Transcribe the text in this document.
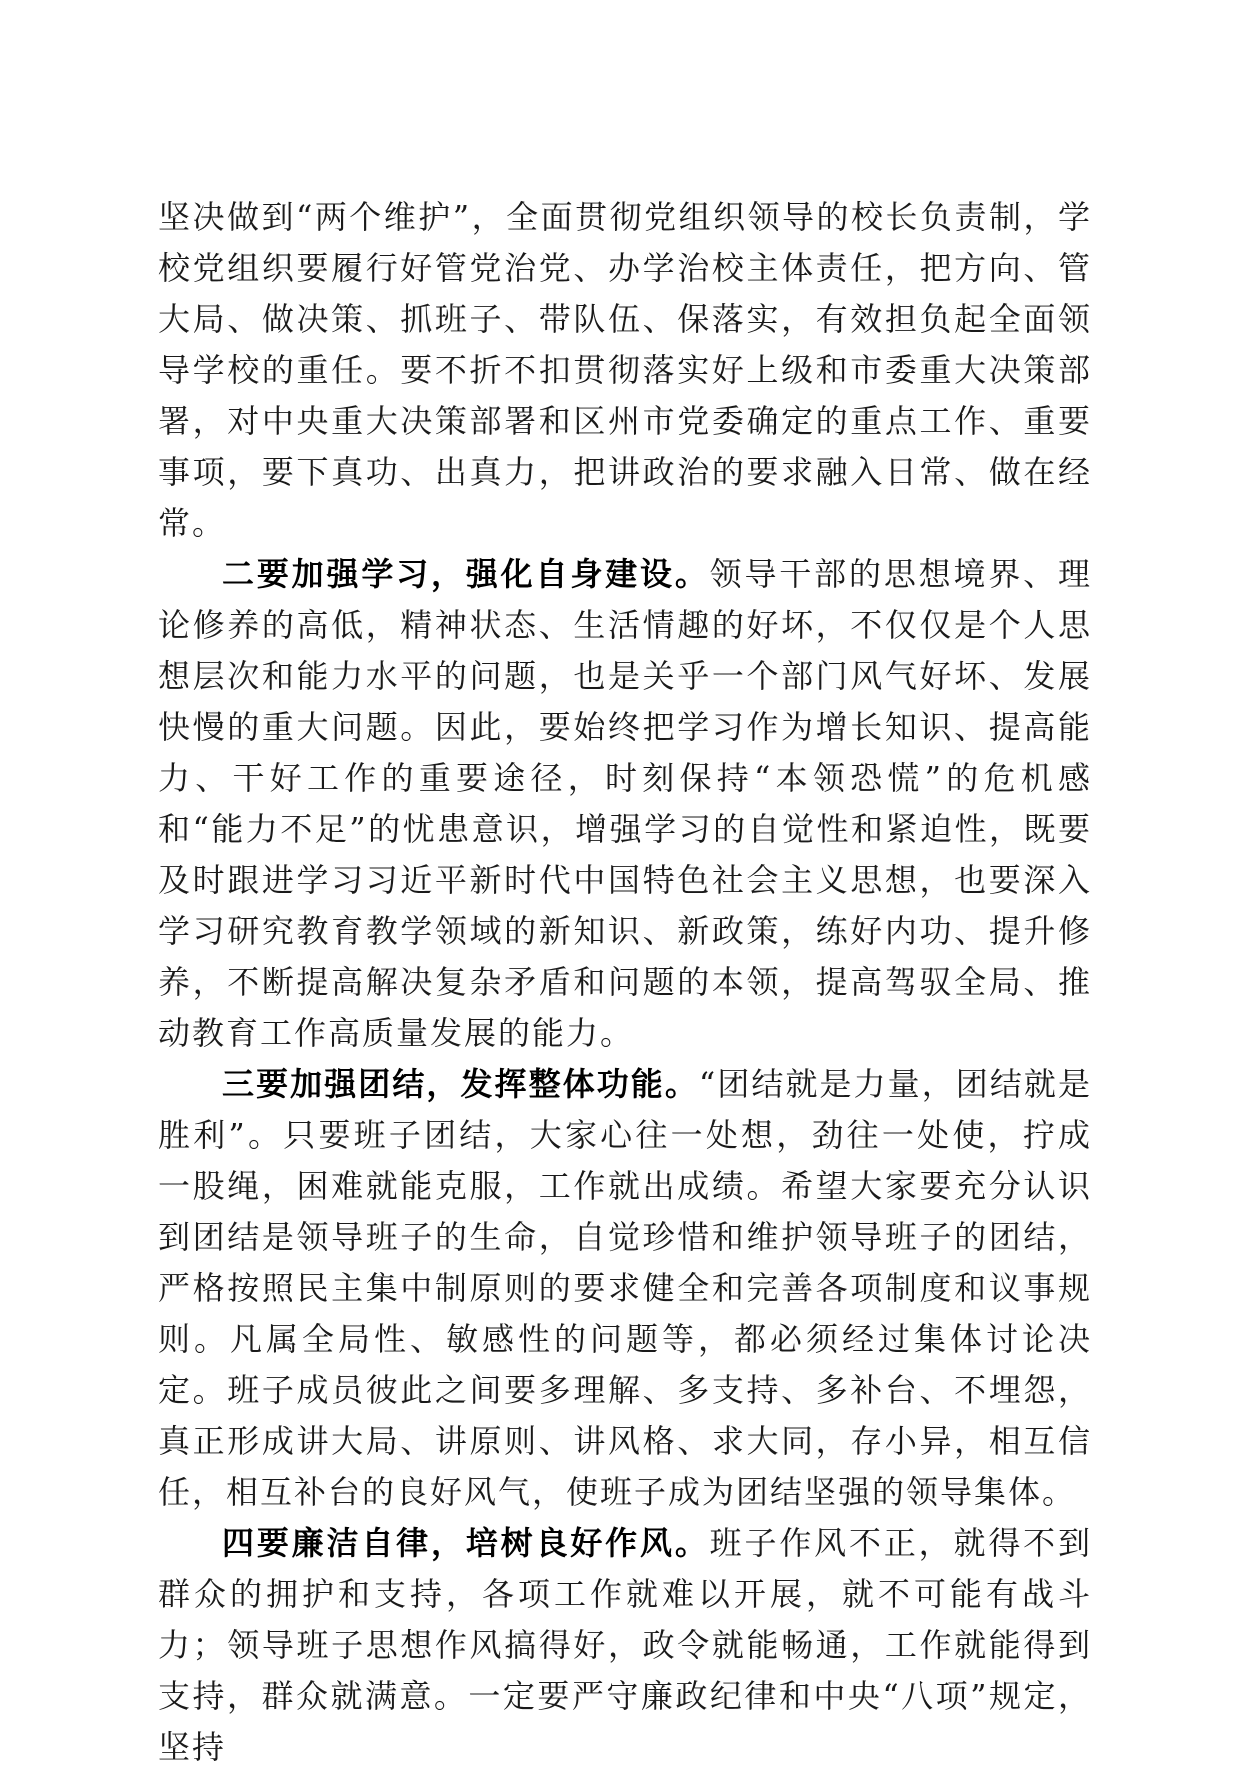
坚决做到“两个维护”，全面贯彻党组织领导的校长负责制，学校党组织要履行好管党治党、办学治校主体责任，把方向、管大局、做决策、抓班子、带队伍、保落实，有效担负起全面领导学校的重任。要不折不扣贯彻落实好上级和市委重大决策部署，对中央重大决策部署和区州市党委确定的重点工作、重要事项，要下真功、出真力，把讲政治的要求融入日常、做在经常。

二要加强学习，强化自身建设。领导干部的思想境界、理论修养的高低，精神状态、生活情趣的好坏，不仅仅是个人思想层次和能力水平的问题，也是关乎一个部门风气好坏、发展快慢的重大问题。因此，要始终把学习作为增长知识、提高能力、干好工作的重要途径，时刻保持“本领恐慌”的危机感和“能力不足”的忧患意识，增强学习的自觉性和紧迫性，既要及时跟进学习习近平新时代中国特色社会主义思想，也要深入学习研究教育教学领域的新知识、新政策，练好内功、提升修养，不断提高解决复杂矛盾和问题的本领，提高驾驭全局、推动教育工作高质量发展的能力。

三要加强团结，发挥整体功能。“团结就是力量，团结就是胜利”。只要班子团结，大家心往一处想，劲往一处使，拧成一股绳，困难就能克服，工作就出成绩。希望大家要充分认识到团结是领导班子的生命，自觉珍惜和维护领导班子的团结，严格按照民主集中制原则的要求健全和完善各项制度和议事规则。凡属全局性、敏感性的问题等，都必须经过集体讨论决定。班子成员彼此之间要多理解、多支持、多补台、不埋怨，真正形成讲大局、讲原则、讲风格、求大同，存小异，相互信任，相互补台的良好风气，使班子成为团结坚强的领导集体。

四要廉洁自律，培树良好作风。班子作风不正，就得不到群众的拥护和支持，各项工作就难以开展，就不可能有战斗力；领导班子思想作风搞得好，政令就能畅通，工作就能得到支持，群众就满意。一定要严守廉政纪律和中央“八项”规定，坚持
